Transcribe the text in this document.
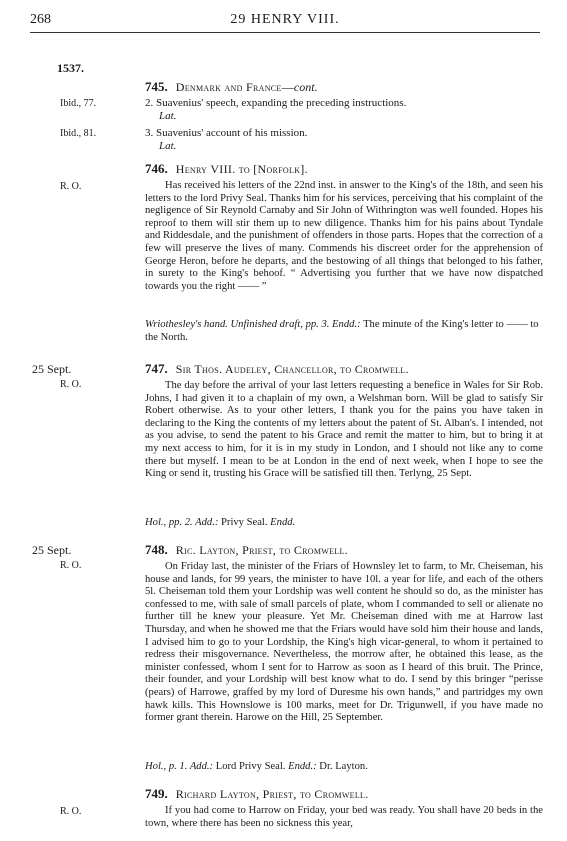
268	29 HENRY VIII.
1537.
745. Denmark and France—cont.
Ibid., 77.	2. Suavenius' speech, expanding the preceding instructions.
Lat.
Ibid., 81.	3. Suavenius' account of his mission.
Lat.
746. Henry VIII. to [Norfolk].
R. O.	Has received his letters of the 22nd inst. in answer to the King's of the 18th, and seen his letters to the lord Privy Seal. Thanks him for his services, perceiving that his complaint of the negligence of Sir Reynold Carnaby and Sir John of Withrington was well founded. Hopes his reproof to them will stir them up to new diligence. Thanks him for his pains about Tyndale and Riddesdale, and the punishment of offenders in those parts. Hopes that the correction of a few will preserve the lives of many. Commends his discreet order for the apprehension of George Heron, before he departs, and the bestowing of all things that belonged to his father, in surety to the King's behoof. “ Advertising you further that we have now dispatched towards you the right —— ”
Wriothesley's hand. Unfinished draft, pp. 3. Endd.: The minute of the King's letter to —— to the North.
25 Sept.	747. Sir Thos. Audeley, Chancellor, to Cromwell.
R. O.	The day before the arrival of your last letters requesting a benefice in Wales for Sir Rob. Johns, I had given it to a chaplain of my own, a Welshman born. Will be glad to satisfy Sir Robert otherwise. As to your other letters, I thank you for the pains you have taken in declaring to the King the contents of my letters about the patent of St. Alban's. I intended, not as you advise, to send the patent to his Grace and remit the matter to him, but to bring it at my next access to him, for it is in my study in London, and I should not like any to come there but myself. I mean to be at London in the end of next week, when I hope to see the King or send it, trusting his Grace will be satisfied till then. Terlyng, 25 Sept.
Hol., pp. 2. Add.: Privy Seal. Endd.
25 Sept.	748. Ric. Layton, Priest, to Cromwell.
R. O.	On Friday last, the minister of the Friars of Hownsley let to farm, to Mr. Cheiseman, his house and lands, for 99 years, the minister to have 10l. a year for life, and each of the others 5l. Cheiseman told them your Lordship was well content he should so do, as the minister has confessed to me, with sale of small parcels of plate, whom I commanded to sell or alienate no further till he knew your pleasure. Yet Mr. Cheiseman dined with me at Harrow last Thursday, and when he showed me that the Friars would have sold him their house and lands, I advised him to go to your Lordship, the King's high vicar-general, to whom it pertained to redress their misgovernance. Nevertheless, the morrow after, he obtained this lease, as the minister confessed, whom I sent for to Harrow as soon as I heard of this bruit. The Prince, their founder, and your Lordship will best know what to do. I send by this bringer “perisse (pears) of Harrowe, graffed by my lord of Duresme his own hands,” and partridges my own hawk kills. This Hownslowe is 100 marks, meet for Dr. Trigunwell, if you have made no former grant therein. Harowe on the Hill, 25 September.
Hol., p. 1. Add.: Lord Privy Seal. Endd.: Dr. Layton.
749. Richard Layton, Priest, to Cromwell.
R. O.	If you had come to Harrow on Friday, your bed was ready. You shall have 20 beds in the town, where there has been no sickness this year,
